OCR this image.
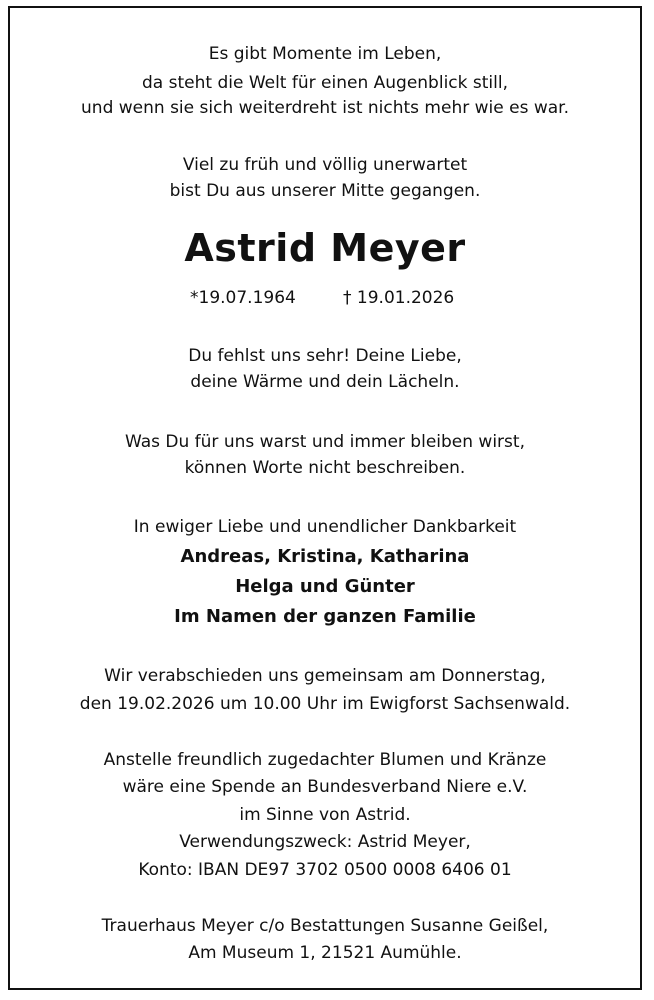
Es gibt Momente im Leben,
da steht die Welt für einen Augenblick still,
und wenn sie sich weiterdreht ist nichts mehr wie es war.
Viel zu früh und völlig unerwartet
bist Du aus unserer Mitte gegangen.
Astrid Meyer
*19.07.1964	† 19.01.2026
Du fehlst uns sehr! Deine Liebe,
deine Wärme und dein Lächeln.
Was Du für uns warst und immer bleiben wirst,
können Worte nicht beschreiben.
In ewiger Liebe und unendlicher Dankbarkeit
Andreas, Kristina, Katharina
Helga und Günter
Im Namen der ganzen Familie
Wir verabschieden uns gemeinsam am Donnerstag,
den 19.02.2026 um 10.00 Uhr im Ewigforst Sachsenwald.
Anstelle freundlich zugedachter Blumen und Kränze
wäre eine Spende an Bundesverband Niere e.V.
im Sinne von Astrid.
Verwendungszweck: Astrid Meyer,
Konto: IBAN DE97 3702 0500 0008 6406 01
Trauerhaus Meyer c/o Bestattungen Susanne Geißel,
Am Museum 1, 21521 Aumühle.
